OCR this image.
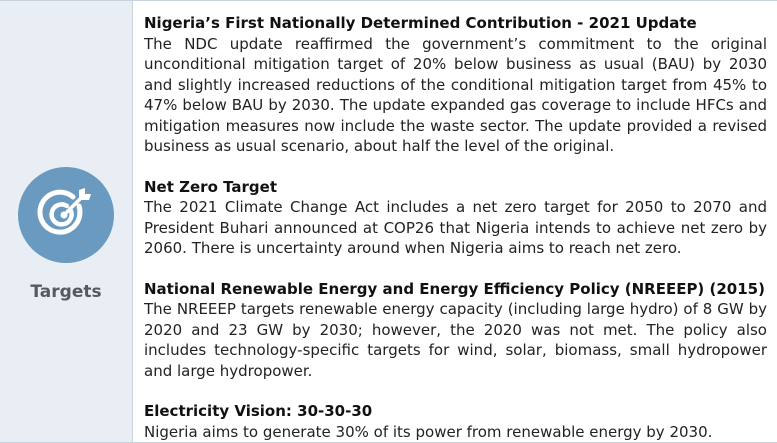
Targets
Nigeria’s First Nationally Determined Contribution - 2021 Update

The NDC update reaffirmed the government’s commitment to the original unconditional mitigation target of 20% below business as usual (BAU) by 2030 and slightly increased reductions of the conditional mitigation target from 45% to 47% below BAU by 2030. The update expanded gas coverage to include HFCs and mitigation measures now include the waste sector. The update provided a revised business as usual scenario, about half the level of the original.

Net Zero Target

The 2021 Climate Change Act includes a net zero target for 2050 to 2070 and President Buhari announced at COP26 that Nigeria intends to achieve net zero by 2060. There is uncertainty around when Nigeria aims to reach net zero.

National Renewable Energy and Energy Efficiency Policy (NREEEP) (2015)

The NREEEP targets renewable energy capacity (including large hydro) of 8 GW by 2020 and 23 GW by 2030; however, the 2020 was not met. The policy also includes technology-specific targets for wind, solar, biomass, small hydropower and large hydropower.

Electricity Vision: 30-30-30

Nigeria aims to generate 30% of its power from renewable energy by 2030.
